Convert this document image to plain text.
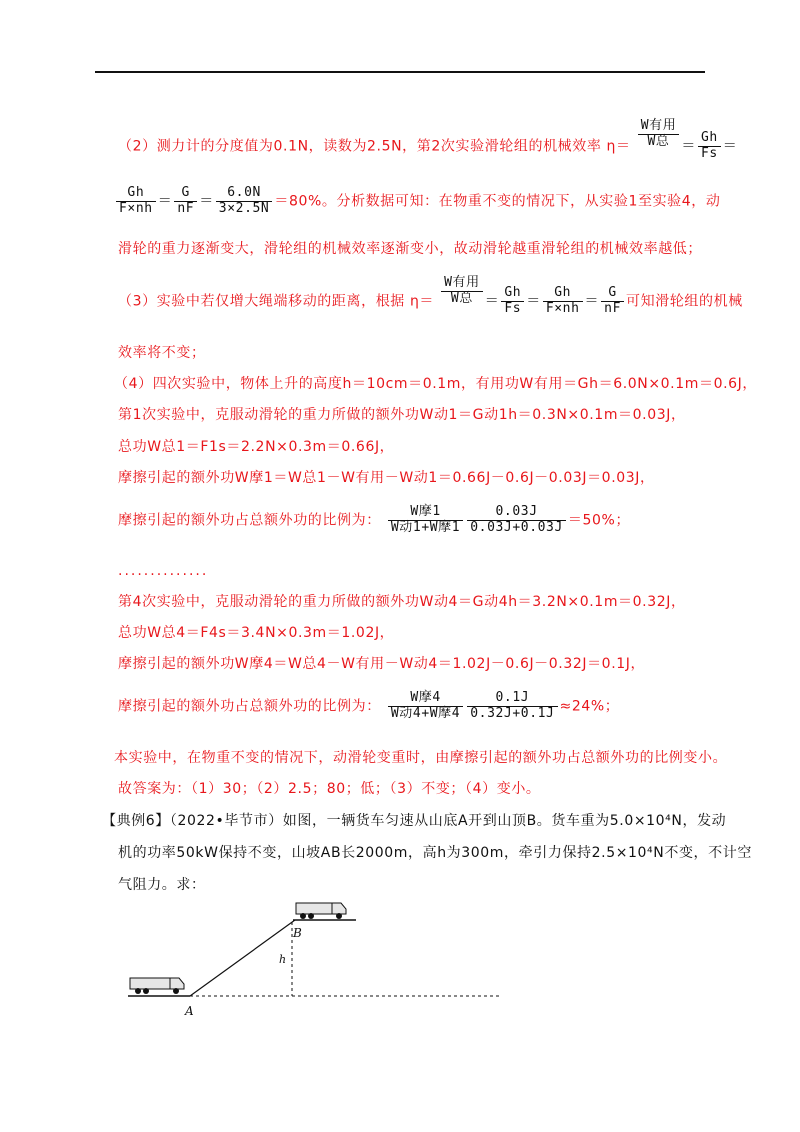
（2）测力计的分度值为0.1N，读数为2.5N，第2次实验滑轮组的机械效率 $\eta= \frac{\text{W有用}}{\text{W总}} = \frac{Gh}{Fs}$ ＝
$\frac{Gh}{F\times nh} = \frac{G}{nF} = \frac{6.0N}{3\times 2.5N} =80\%$。分析数据可知：在物重不变的情况下，从实验1至实验4，动
滑轮的重力逐渐变大，滑轮组的机械效率逐渐变小，故动滑轮越重滑轮组的机械效率越低；
（3）实验中若仅增大绳端移动的距离，根据 $\eta= \frac{\text{W有用}}{\text{W总}} = \frac{Gh}{Fs} = \frac{Gh}{F\times nh} = \frac{G}{nF}$ 可知滑轮组的机械
效率将不变；
（4）四次实验中，物体上升的高度h＝10cm＝0.1m，有用功W有用＝Gh＝6.0N×0.1m＝0.6J，
第1次实验中，克服动滑轮的重力所做的额外功W动1＝G动1h＝0.3N×0.1m＝0.03J，
总功W总1＝F1s＝2.2N×0.3m＝0.66J，
摩擦引起的额外功W摩1＝W总1－W有用－W动1＝0.66J－0.6J－0.03J＝0.03J，
摩擦引起的额外功占总额外功的比例为： $\frac{\text{W摩1}}{\text{W动1+W摩1}} \frac{0.03J}{0.03J+0.03J} =50\%$；
..............
第4次实验中，克服动滑轮的重力所做的额外功W动4＝G动4h＝3.2N×0.1m＝0.32J，
总功W总4＝F4s＝3.4N×0.3m＝1.02J，
摩擦引起的额外功W摩4＝W总4－W有用－W动4＝1.02J－0.6J－0.32J＝0.1J，
摩擦引起的额外功占总额外功的比例为： $\frac{\text{W摩4}}{\text{W动4+W摩4}} \frac{0.1J}{0.32J+0.1J} \approx 24\%$；
本实验中，在物重不变的情况下，动滑轮变重时，由摩擦引起的额外功占总额外功的比例变小。
故答案为：（1）30；（2）2.5；80；低；（3）不变；（4）变小。
【典例6】（2022•毕节市）如图，一辆货车匀速从山底A开到山顶B。货车重为5.0×10⁴N，发动
机的功率50kW保持不变，山坡AB长2000m，高h为300m，牵引力保持2.5×10⁴N不变，不计空
气阻力。求：
h
B
A
